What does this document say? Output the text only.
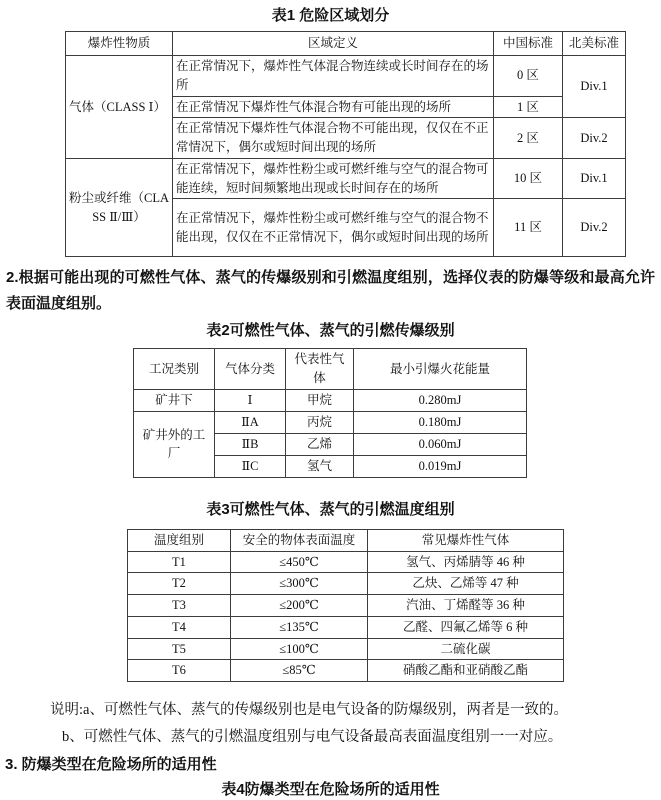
表1 危险区域划分
爆炸性物质	区域定义	中国标准	北美标准
气体（CLASS Ⅰ）	在正常情况下，爆炸性气体混合物连续或长时间存在的场所	0 区	Div.1
	在正常情况下爆炸性气体混合物有可能出现的场所	1 区	
	在正常情况下爆炸性气体混合物不可能出现，仅仅在不正常情况下，偶尔或短时间出现的场所	2 区	Div.2
粉尘或纤维（CLASS Ⅱ/Ⅲ）	在正常情况下，爆炸性粉尘或可燃纤维与空气的混合物可能连续，短时间频繁地出现或长时间存在的场所	10 区	Div.1
	在正常情况下，爆炸性粉尘或可燃纤维与空气的混合物不能出现，仅仅在不正常情况下，偶尔或短时间出现的场所	11 区	Div.2
2.根据可能出现的可燃性气体、蒸气的传爆级别和引燃温度组别，选择仪表的防爆等级和最高允许表面温度组别。
表2可燃性气体、蒸气的引燃传爆级别
工况类别	气体分类	代表性气体	最小引爆火花能量
矿井下	Ⅰ	甲烷	0.280mJ
矿井外的工厂	ⅡA	丙烷	0.180mJ
	ⅡB	乙烯	0.060mJ
	ⅡC	氢气	0.019mJ
表3可燃性气体、蒸气的引燃温度组别
温度组别	安全的物体表面温度	常见爆炸性气体
T1	≤450℃	氢气、丙烯腈等 46 种
T2	≤300℃	乙炔、乙烯等 47 种
T3	≤200℃	汽油、丁烯醛等 36 种
T4	≤135℃	乙醛、四氟乙烯等 6 种
T5	≤100℃	二硫化碳
T6	≤85℃	硝酸乙酯和亚硝酸乙酯
说明:a、可燃性气体、蒸气的传爆级别也是电气设备的防爆级别，两者是一致的。
b、可燃性气体、蒸气的引燃温度组别与电气设备最高表面温度组别一一对应。
3. 防爆类型在危险场所的适用性
表4防爆类型在危险场所的适用性
